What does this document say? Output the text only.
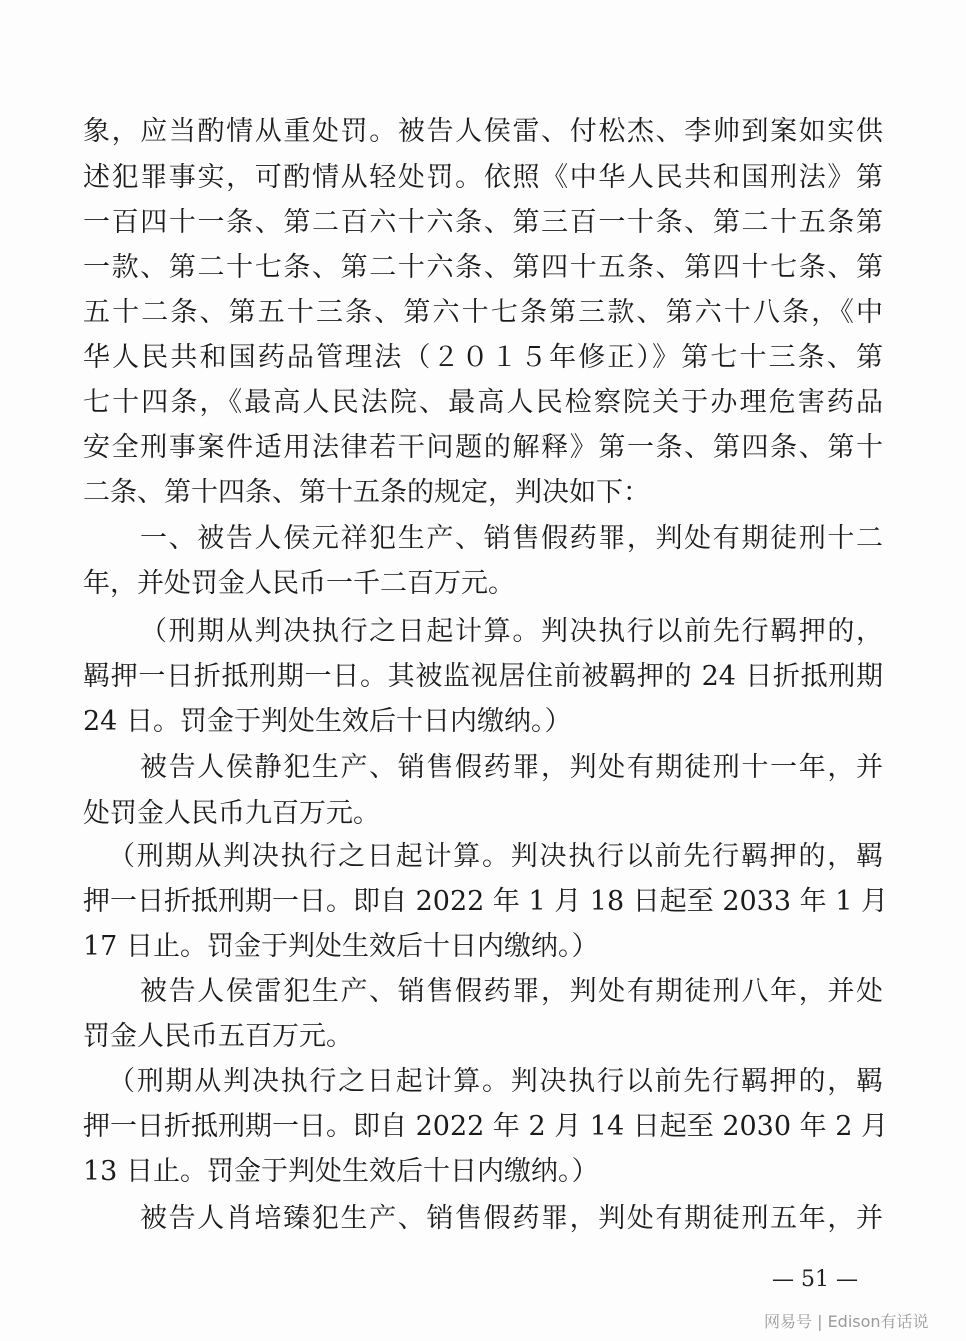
象，应当酌情从重处罚。被告人侯雷、付松杰、李帅到案如实供
述犯罪事实，可酌情从轻处罚。依照《中华人民共和国刑法》第
一百四十一条、第二百六十六条、第三百一十条、第二十五条第
一款、第二十七条、第二十六条、第四十五条、第四十七条、第
五十二条、第五十三条、第六十七条第三款、第六十八条，《中
华人民共和国药品管理法（２０１５年修正）》第七十三条、第
七十四条，《最高人民法院、最高人民检察院关于办理危害药品
安全刑事案件适用法律若干问题的解释》第一条、第四条、第十
二条、第十四条、第十五条的规定，判决如下：
一、被告人侯元祥犯生产、销售假药罪，判处有期徒刑十二
年，并处罚金人民币一千二百万元。
（刑期从判决执行之日起计算。判决执行以前先行羁押的，
羁押一日折抵刑期一日。其被监视居住前被羁押的 24 日折抵刑期
24 日。罚金于判处生效后十日内缴纳。）
被告人侯静犯生产、销售假药罪，判处有期徒刑十一年，并
处罚金人民币九百万元。
（刑期从判决执行之日起计算。判决执行以前先行羁押的，羁
押一日折抵刑期一日。即自 2022 年 1 月 18 日起至 2033 年 1 月
17 日止。罚金于判处生效后十日内缴纳。）
被告人侯雷犯生产、销售假药罪，判处有期徒刑八年，并处
罚金人民币五百万元。
（刑期从判决执行之日起计算。判决执行以前先行羁押的，羁
押一日折抵刑期一日。即自 2022 年 2 月 14 日起至 2030 年 2 月
13 日止。罚金于判处生效后十日内缴纳。）
被告人肖培臻犯生产、销售假药罪，判处有期徒刑五年，并
— 51 —
网易号 | Edison有话说
